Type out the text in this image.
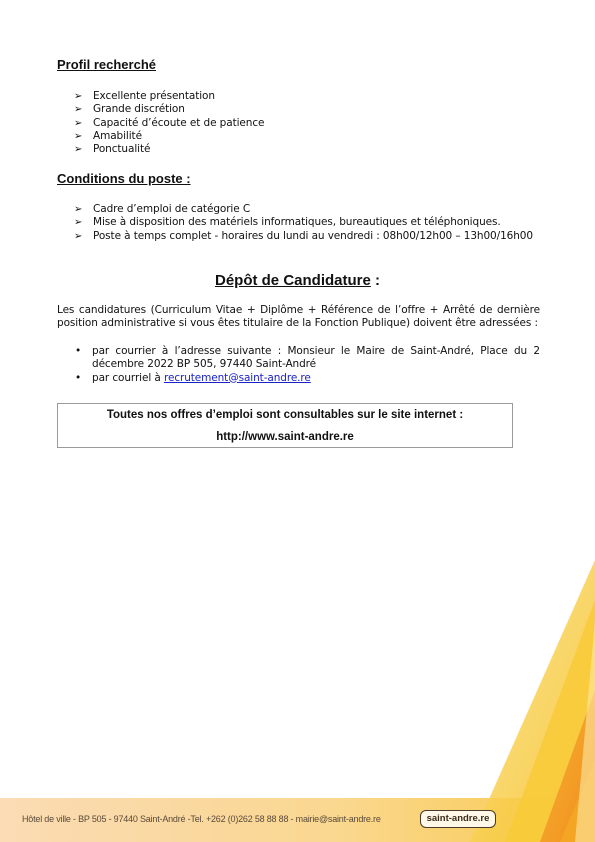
Profil recherché
➢ Excellente présentation
➢ Grande discrétion
➢ Capacité d’écoute et de patience
➢ Amabilité
➢ Ponctualité
Conditions du poste :
➢ Cadre d’emploi de catégorie C
➢ Mise à disposition des matériels informatiques, bureautiques et téléphoniques.
➢ Poste à temps complet - horaires du lundi au vendredi : 08h00/12h00 – 13h00/16h00
Dépôt de Candidature :
Les candidatures (Curriculum Vitae + Diplôme + Référence de l’offre + Arrêté de dernière position administrative si vous êtes titulaire de la Fonction Publique) doivent être adressées :
• par courrier à l’adresse suivante : Monsieur le Maire de Saint-André, Place du 2 décembre 2022 BP 505, 97440 Saint-André
• par courriel à recrutement@saint-andre.re
Toutes nos offres d’emploi sont consultables sur le site internet :
http://www.saint-andre.re
Hôtel de ville - BP 505 - 97440 Saint-André -Tel. +262 (0)262 58 88 88 - mairie@saint-andre.re	saint-andre.re
